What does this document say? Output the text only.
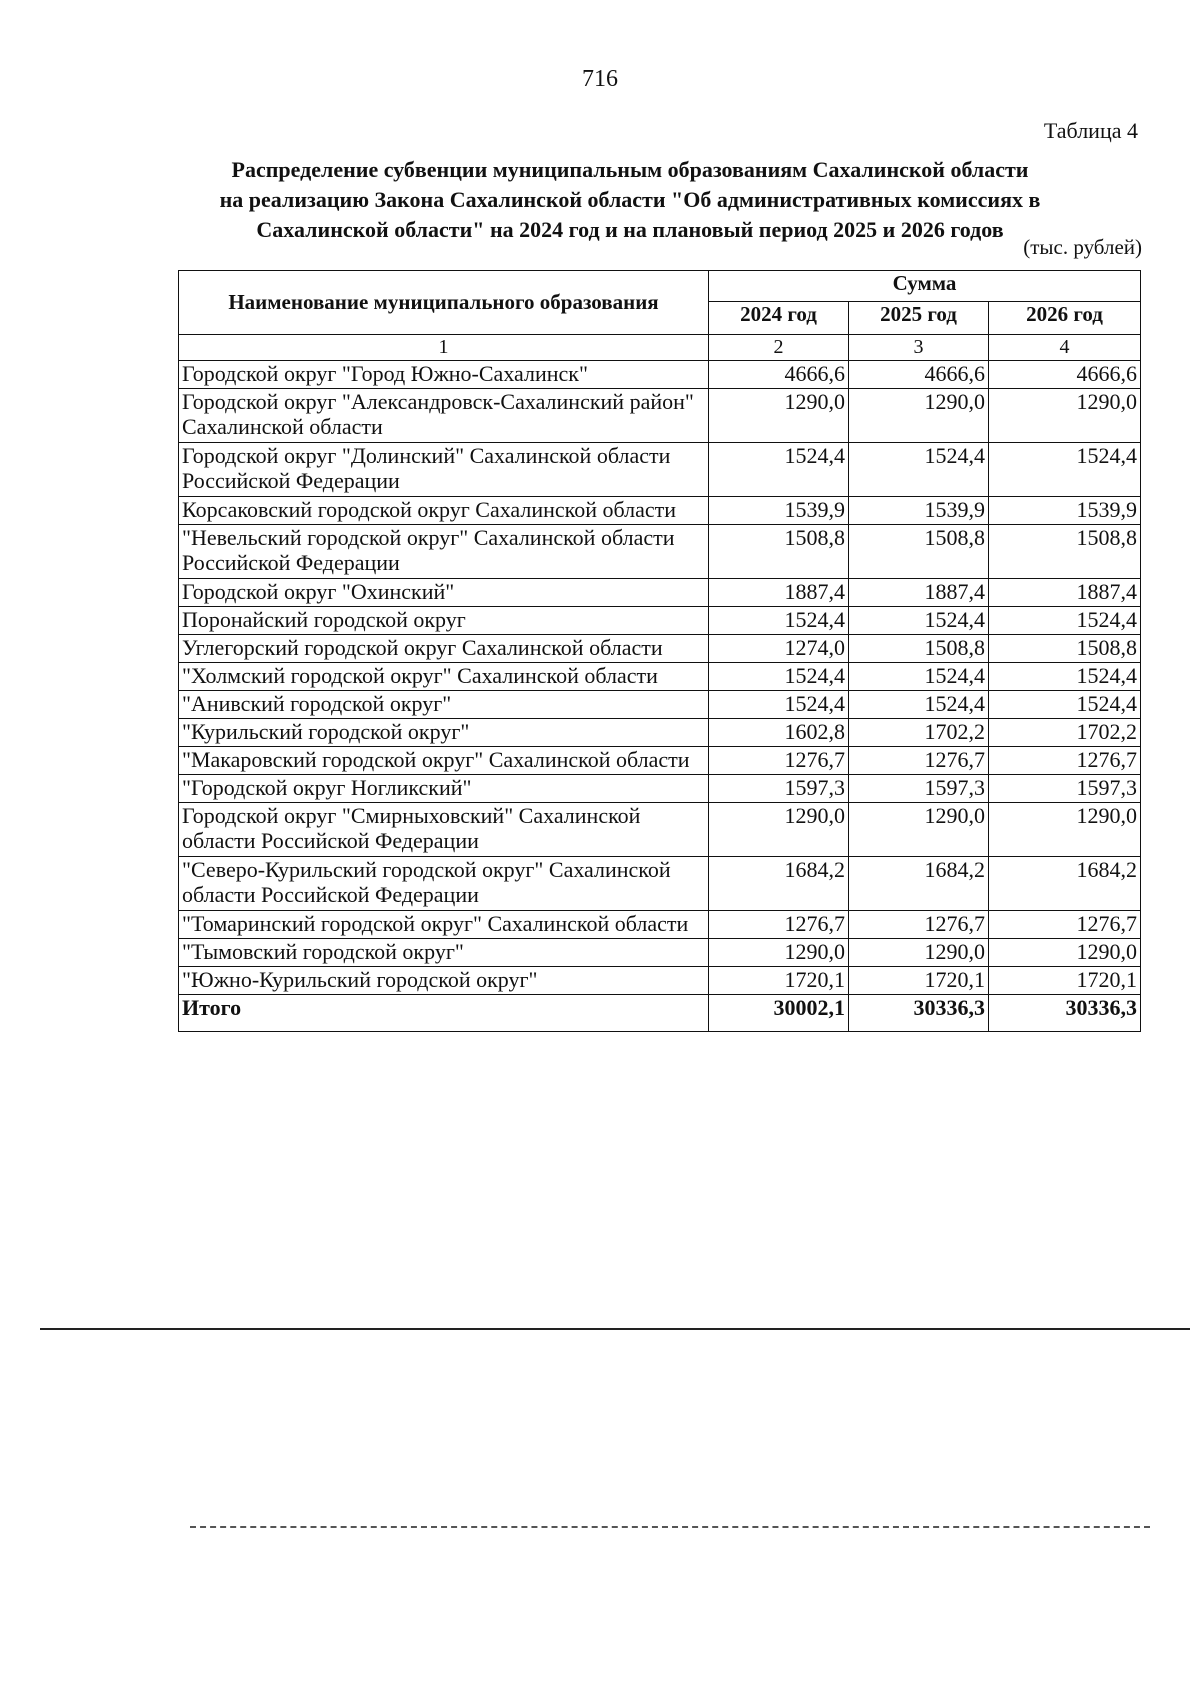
716
Таблица 4
Распределение субвенции муниципальным образованиям Сахалинской области
на реализацию Закона Сахалинской области "Об административных комиссиях в
Сахалинской области" на 2024 год и на плановый период 2025 и 2026 годов
(тыс. рублей)
Наименование муниципального образования	Сумма		
	2024 год	2025 год	2026 год
1	2	3	4
Городской округ "Город Южно-Сахалинск"	4666,6	4666,6	4666,6
Городской округ "Александровск-Сахалинский район" Сахалинской области	1290,0	1290,0	1290,0
Городской округ "Долинский" Сахалинской области Российской Федерации	1524,4	1524,4	1524,4
Корсаковский городской округ Сахалинской области	1539,9	1539,9	1539,9
"Невельский городской округ" Сахалинской области Российской Федерации	1508,8	1508,8	1508,8
Городской округ "Охинский"	1887,4	1887,4	1887,4
Поронайский городской округ	1524,4	1524,4	1524,4
Углегорский городской округ Сахалинской области	1274,0	1508,8	1508,8
"Холмский городской округ" Сахалинской области	1524,4	1524,4	1524,4
"Анивский городской округ"	1524,4	1524,4	1524,4
"Курильский городской округ"	1602,8	1702,2	1702,2
"Макаровский городской округ" Сахалинской области	1276,7	1276,7	1276,7
"Городской округ Ногликский"	1597,3	1597,3	1597,3
Городской округ "Смирныховский" Сахалинской области Российской Федерации	1290,0	1290,0	1290,0
"Северо-Курильский городской округ" Сахалинской области Российской Федерации	1684,2	1684,2	1684,2
"Томаринский городской округ" Сахалинской области	1276,7	1276,7	1276,7
"Тымовский городской округ"	1290,0	1290,0	1290,0
"Южно-Курильский городской округ"	1720,1	1720,1	1720,1
Итого	30002,1	30336,3	30336,3
